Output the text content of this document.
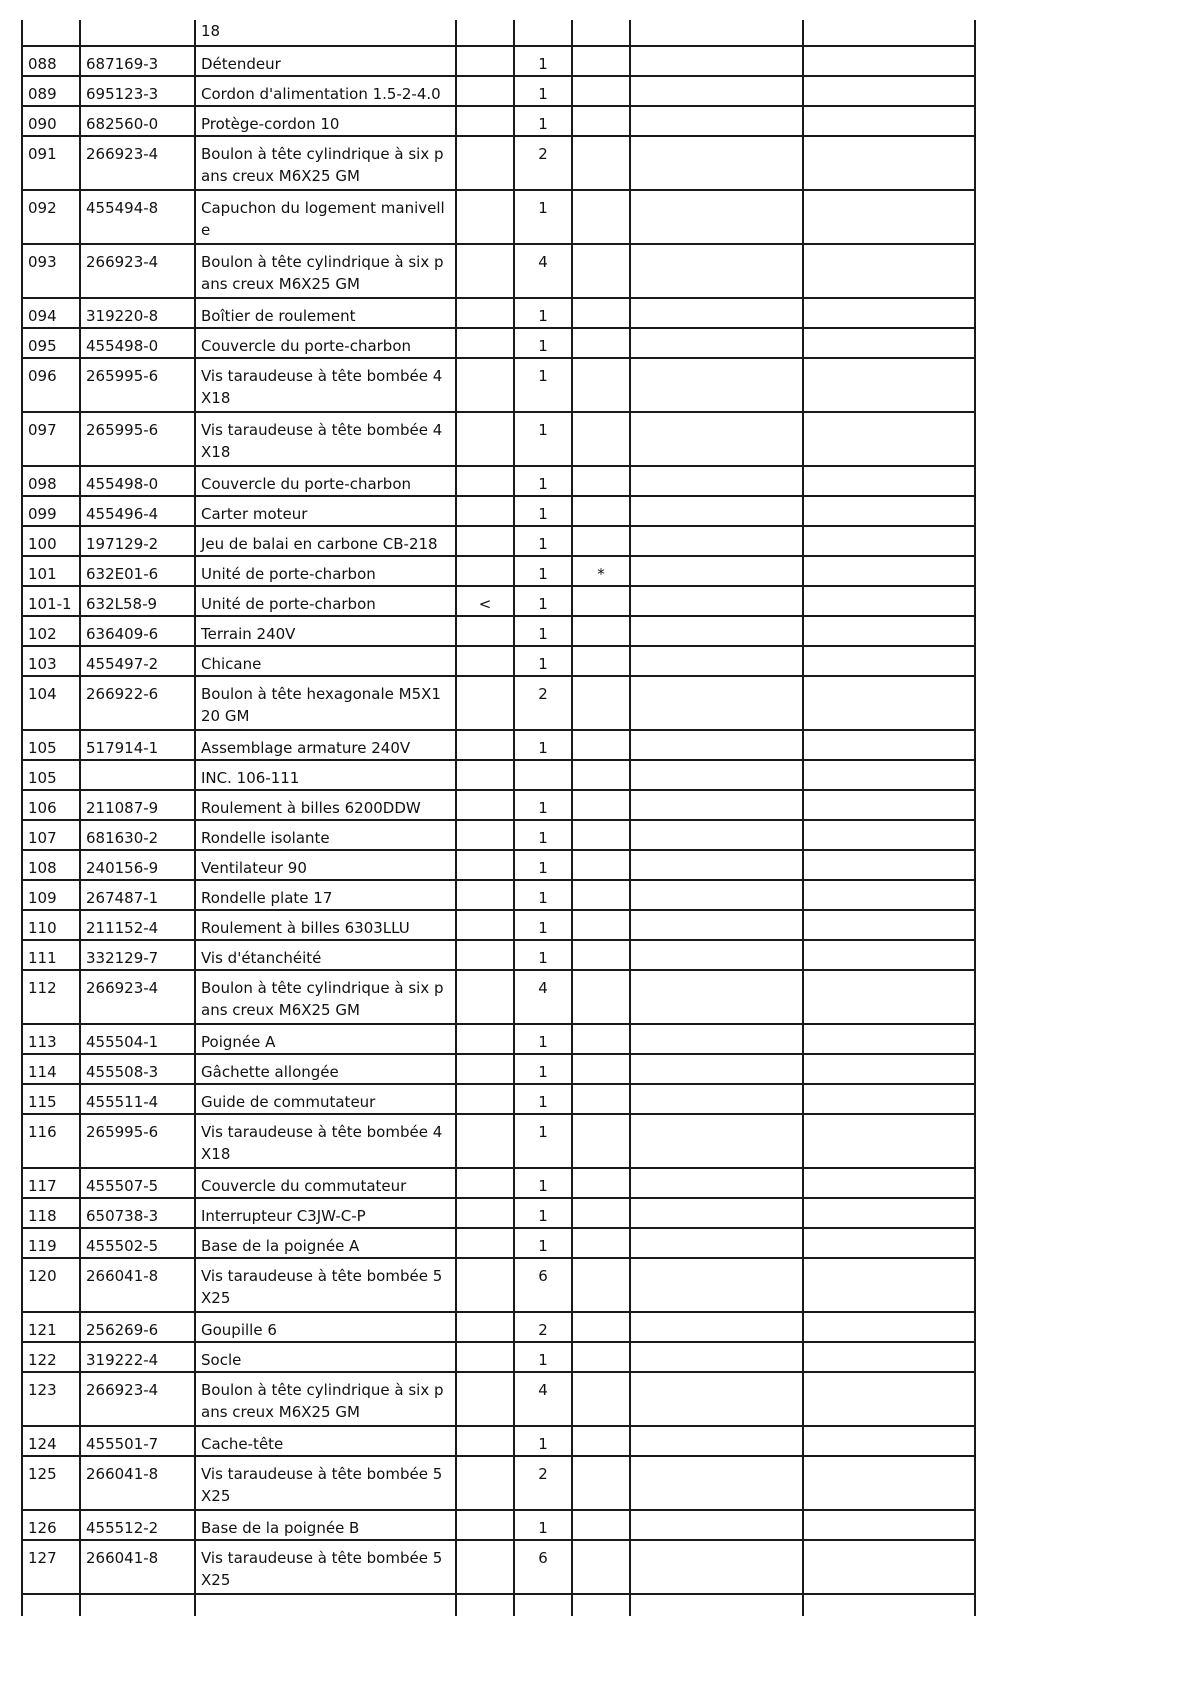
		18					
088	687169-3	Détendeur		1			
089	695123-3	Cordon d'alimentation 1.5-2-4.0		1			
090	682560-0	Protège-cordon 10		1			
091	266923-4	Boulon à tête cylindrique à six pans creux M6X25 GM		2			
092	455494-8	Capuchon du logement manivelle		1			
093	266923-4	Boulon à tête cylindrique à six pans creux M6X25 GM		4			
094	319220-8	Boîtier de roulement		1			
095	455498-0	Couvercle du porte-charbon		1			
096	265995-6	Vis taraudeuse à tête bombée 4X18		1			
097	265995-6	Vis taraudeuse à tête bombée 4X18		1			
098	455498-0	Couvercle du porte-charbon		1			
099	455496-4	Carter moteur		1			
100	197129-2	Jeu de balai en carbone CB-218		1			
101	632E01-6	Unité de porte-charbon		1	*		
101-1	632L58-9	Unité de porte-charbon	<	1			
102	636409-6	Terrain 240V		1			
103	455497-2	Chicane		1			
104	266922-6	Boulon à tête hexagonale M5X120 GM		2			
105	517914-1	Assemblage armature 240V		1			
105		INC. 106-111					
106	211087-9	Roulement à billes 6200DDW		1			
107	681630-2	Rondelle isolante		1			
108	240156-9	Ventilateur 90		1			
109	267487-1	Rondelle plate 17		1			
110	211152-4	Roulement à billes 6303LLU		1			
111	332129-7	Vis d'étanchéité		1			
112	266923-4	Boulon à tête cylindrique à six pans creux M6X25 GM		4			
113	455504-1	Poignée A		1			
114	455508-3	Gâchette allongée		1			
115	455511-4	Guide de commutateur		1			
116	265995-6	Vis taraudeuse à tête bombée 4X18		1			
117	455507-5	Couvercle du commutateur		1			
118	650738-3	Interrupteur C3JW-C-P		1			
119	455502-5	Base de la poignée A		1			
120	266041-8	Vis taraudeuse à tête bombée 5X25		6			
121	256269-6	Goupille 6		2			
122	319222-4	Socle		1			
123	266923-4	Boulon à tête cylindrique à six pans creux M6X25 GM		4			
124	455501-7	Cache-tête		1			
125	266041-8	Vis taraudeuse à tête bombée 5X25		2			
126	455512-2	Base de la poignée B		1			
127	266041-8	Vis taraudeuse à tête bombée 5X25		6			
